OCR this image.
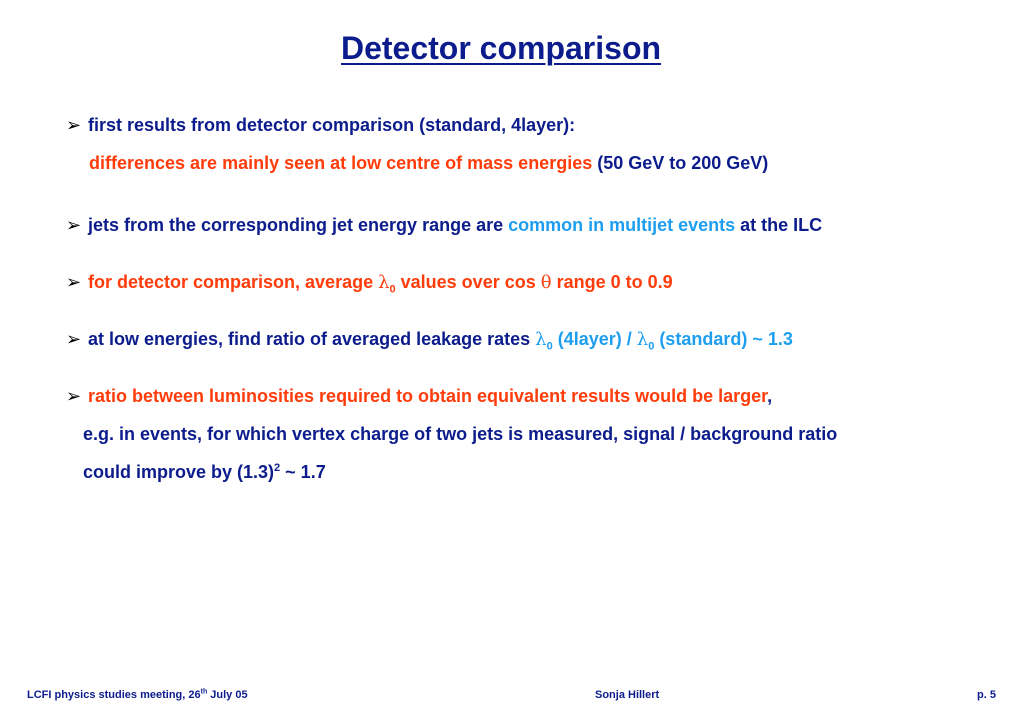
Detector comparison
➢ first results from detector comparison (standard, 4layer):
differences are mainly seen at low centre of mass energies (50 GeV to 200 GeV)
➢ jets from the corresponding jet energy range are common in multijet events at the ILC
➢ for detector comparison, average $\lambda_0$ values over cos θ range 0 to 0.9
➢ at low energies, find ratio of averaged leakage rates $\lambda_0$ (4layer) / $\lambda_0$ (standard) ~ 1.3
➢ ratio between luminosities required to obtain equivalent results would be larger,
e.g. in events, for which vertex charge of two jets is measured, signal / background ratio
could improve by $(1.3)^2$ ~ 1.7
LCFI physics studies meeting, 26th July 05	Sonja Hillert	p. 5
